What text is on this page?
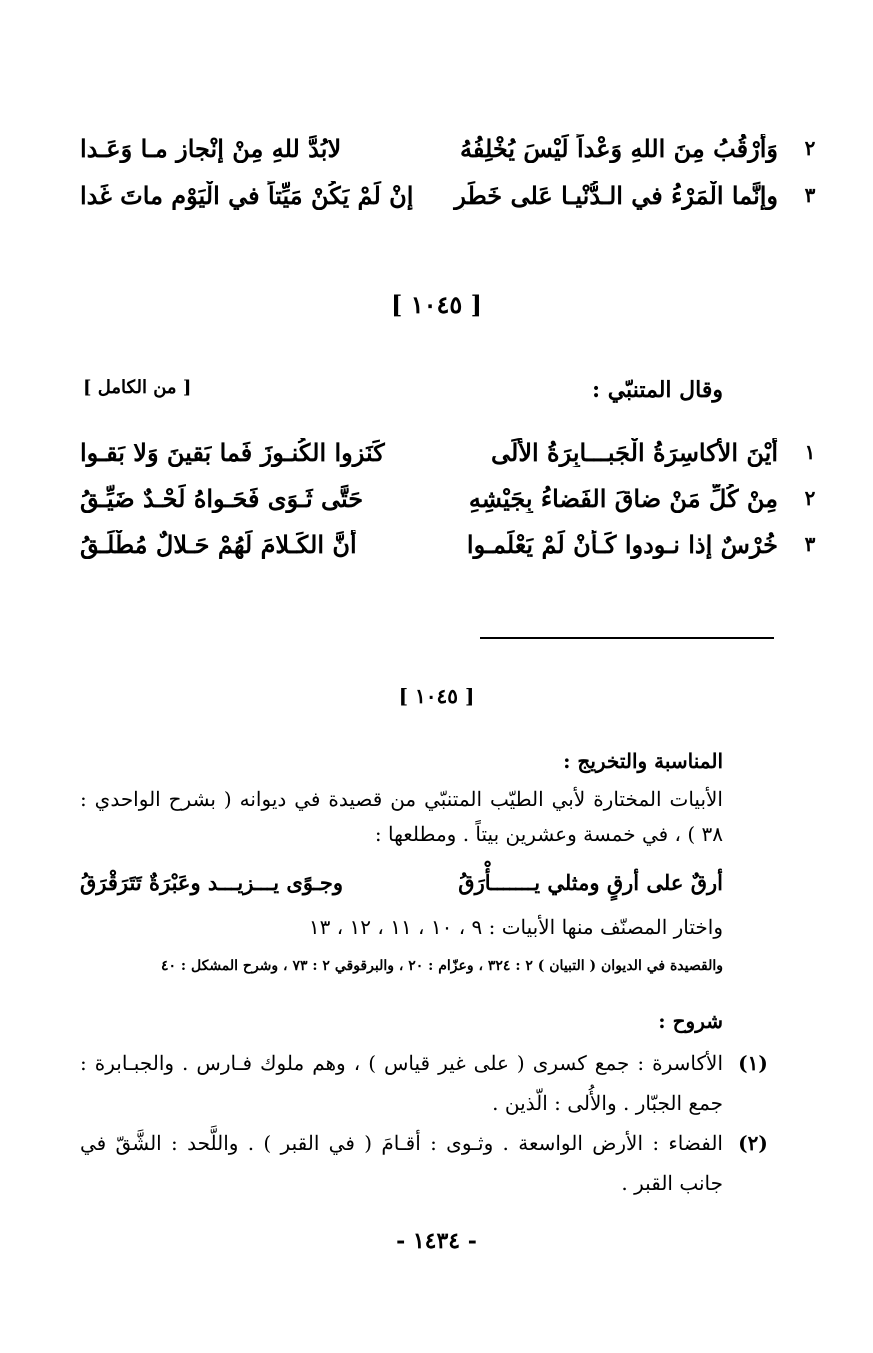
٢
وَأَرْقُبُ مِنَ اللهِ وَعْداً لَيْسَ يُخْلِفُهُ
لابُدَّ للهِ مِنْ إِنْجازِ مـا وَعَـدا
٣
وإنَّما الْمَرْءُ في الـدُّنْيـا عَلى خَطَرٍ
إِنْ لَمْ يَكُنْ مَيِّتاً في الْيَوْمِ ماتَ غَدا
[ ١٠٤٥ ]
وقال المتنبّي :
[ من الكامل ]
١
أَيْنَ الأَكاسِرَةُ الْجَبـــابِرَةُ الأُلَى
كَنَزوا الكُنـوزَ فَما بَقينَ وَلا بَقـوا
٢
مِنْ كُلِّ مَنْ ضاقَ الفَضاءُ بِجَيْشِهِ
حَتَّى ثَـوَى فَحَـواهُ لَحْـدٌ ضَيِّـقُ
٣
خُرْسٌ إذا نـودوا كَـأَنْ لَمْ يَعْلَمـوا
أَنَّ الكَـلامَ لَهُمْ حَـلالٌ مُطْلَـقُ
[ ١٠٤٥ ]
المناسبة والتخريج :
الأبيات المختارة لأبي الطيّب المتنبّي من قصيدة في ديوانه ( بشرح الواحدي : ٣٨ ) ، في خمسة وعشرين بيتاً . ومطلعها :
أرقٌ على أرقٍ ومثلي يـــــــأْرَقُ
وجـوًى يـــزيـــد وعَبْرَةٌ تَتَرَقْرَقُ
واختار المصنّف منها الأبيات : ٩ ، ١٠ ، ١١ ، ١٢ ، ١٣
والقصيدة في الديوان ( التبيان ) ٢ : ٣٢٤ ، وعزّام : ٢٠ ، والبرقوقي ٢ : ٧٣ ، وشرح المشكل : ٤٠
شروح :
(١)
الأكاسرة : جمع كسرى ( على غير قياس ) ، وهم ملوك فـارس . والجبـابرة : جمع الجبّار . والأُلى : الّذين .
(٢)
الفضاء : الأرض الواسعة . وثـوى : أقـامَ ( في القبر ) . واللَّحد : الشَّقّ في جانب القبر .
- ١٤٣٤ -
